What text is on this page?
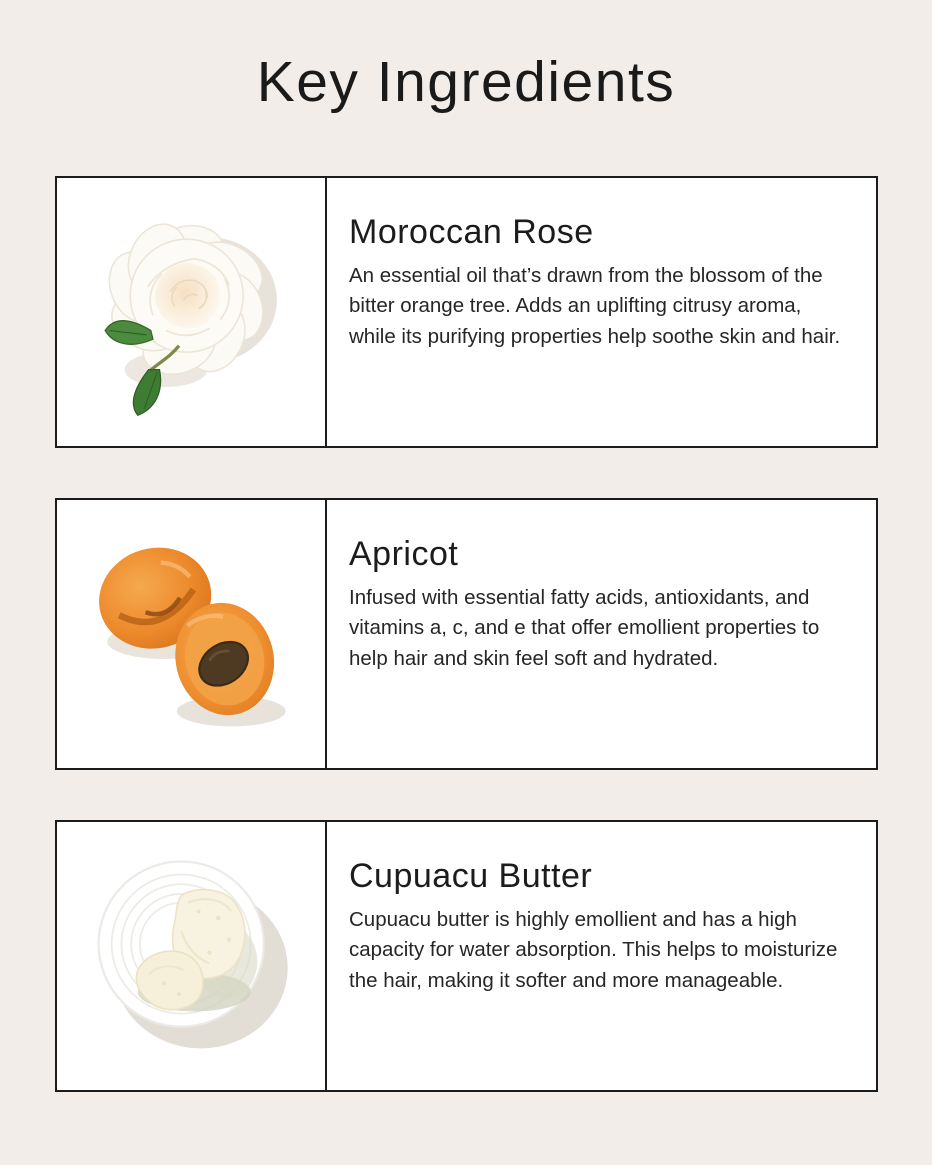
Key Ingredients
Moroccan Rose

An essential oil that’s drawn from the blossom of the bitter orange tree. Adds an uplifting citrusy aroma, while its purifying properties help soothe skin and hair.

Apricot

Infused with essential fatty acids, antioxidants, and vitamins a, c, and e that offer emollient properties to help hair and skin feel soft and hydrated.

Cupuacu Butter

Cupuacu butter is highly emollient and has a high capacity for water absorption. This helps to moisturize the hair, making it softer and more manageable.
